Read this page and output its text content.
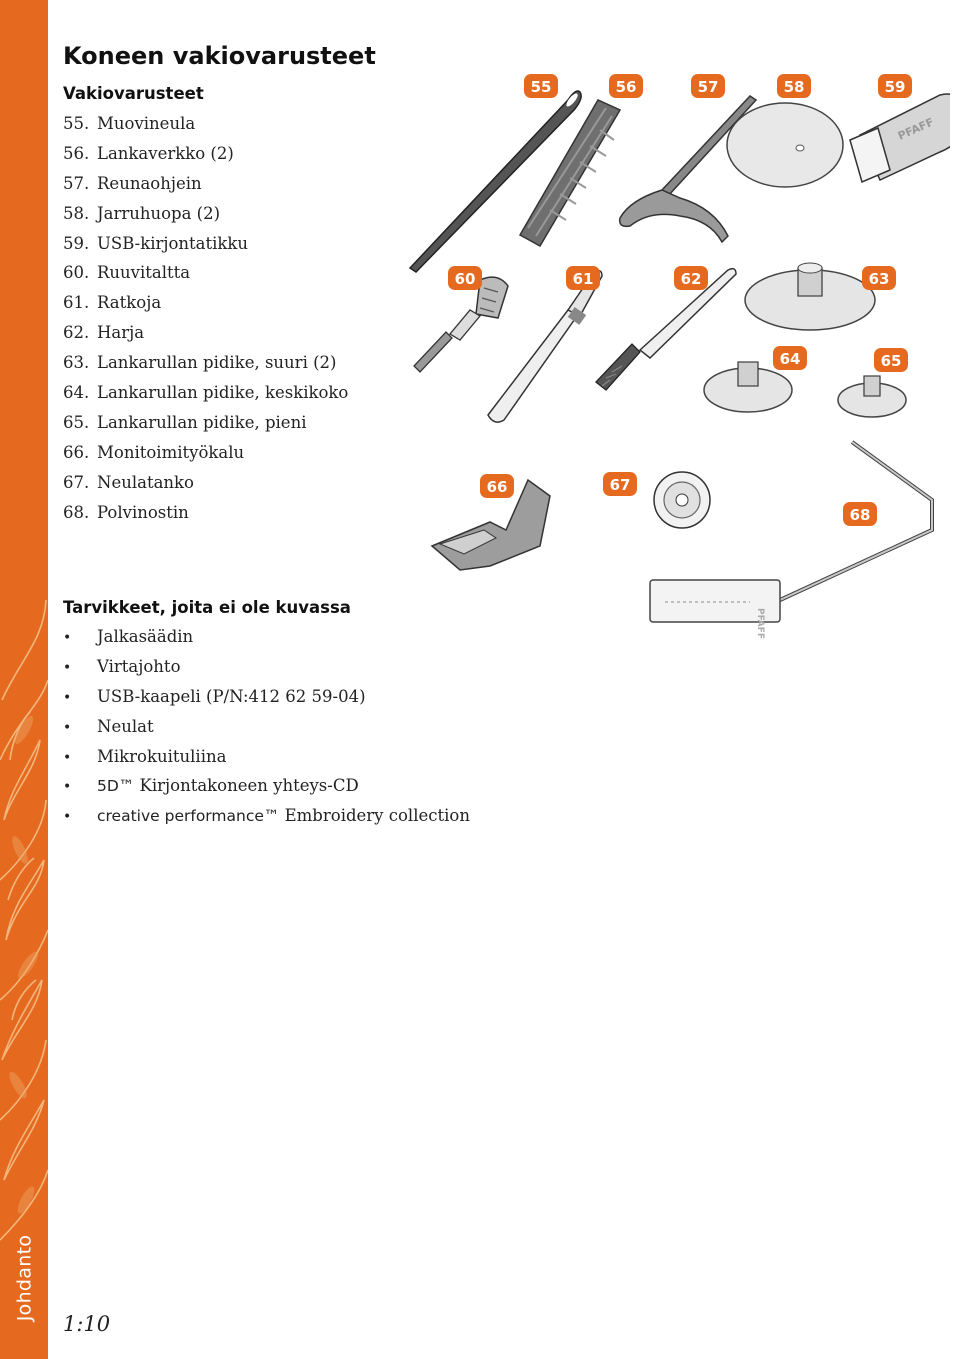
Johdanto
Koneen vakiovarusteet
Vakiovarusteet
55. Muovineula
56. Lankaverkko (2)
57. Reunaohjein
58. Jarruhuopa (2)
59. USB-kirjontatikku
60. Ruuvitaltta
61. Ratkoja
62. Harja
63. Lankarullan pidike, suuri (2)
64. Lankarullan pidike, keskikoko
65. Lankarullan pidike, pieni
66. Monitoimityökalu
67. Neulatanko
68. Polvinostin
Tarvikkeet, joita ei ole kuvassa
• Jalkasäädin
• Virtajohto
• USB-kaapeli (P/N:412 62 59-04)
• Neulat
• Mikrokuituliina
• 5D™ Kirjontakoneen yhteys-CD
• creative performance™ Embroidery collection
PFAFF
PFAFF
55	56	57	58	59
60	61	62	63
64	65
66	67
68
1:10
